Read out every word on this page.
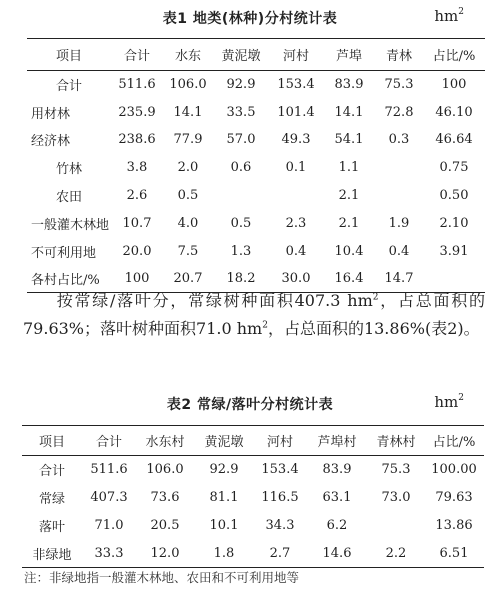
表1 地类(林种)分村统计表	$hm^2$
项目	合计	水东	黄泥墩	河村	芦埠	青林	占比/%
合计	511.6	106.0	92.9	153.4	83.9	75.3	100
用材林	235.9	14.1	33.5	101.4	14.1	72.8	46.10
经济林	238.6	77.9	57.0	49.3	54.1	0.3	46.64
竹林	3.8	2.0	0.6	0.1	1.1		0.75
农田	2.6	0.5			2.1		0.50
一般灌木林地	10.7	4.0	0.5	2.3	2.1	1.9	2.10
不可利用地	20.0	7.5	1.3	0.4	10.4	0.4	3.91
各村占比/%	100	20.7	18.2	30.0	16.4	14.7	
按常绿/落叶分，常绿树种面积407.3 $hm^2$，占总面积的79.63%；落叶树种面积71.0 $hm^2$，占总面积的13.86%(表2)。
表2 常绿/落叶分村统计表	$hm^2$
项目	合计	水东村	黄泥墩	河村	芦埠村	青林村	占比/%
合计	511.6	106.0	92.9	153.4	83.9	75.3	100.00
常绿	407.3	73.6	81.1	116.5	63.1	73.0	79.63
落叶	71.0	20.5	10.1	34.3	6.2		13.86
非绿地	33.3	12.0	1.8	2.7	14.6	2.2	6.51
注：非绿地指一般灌木林地、农田和不可利用地等
